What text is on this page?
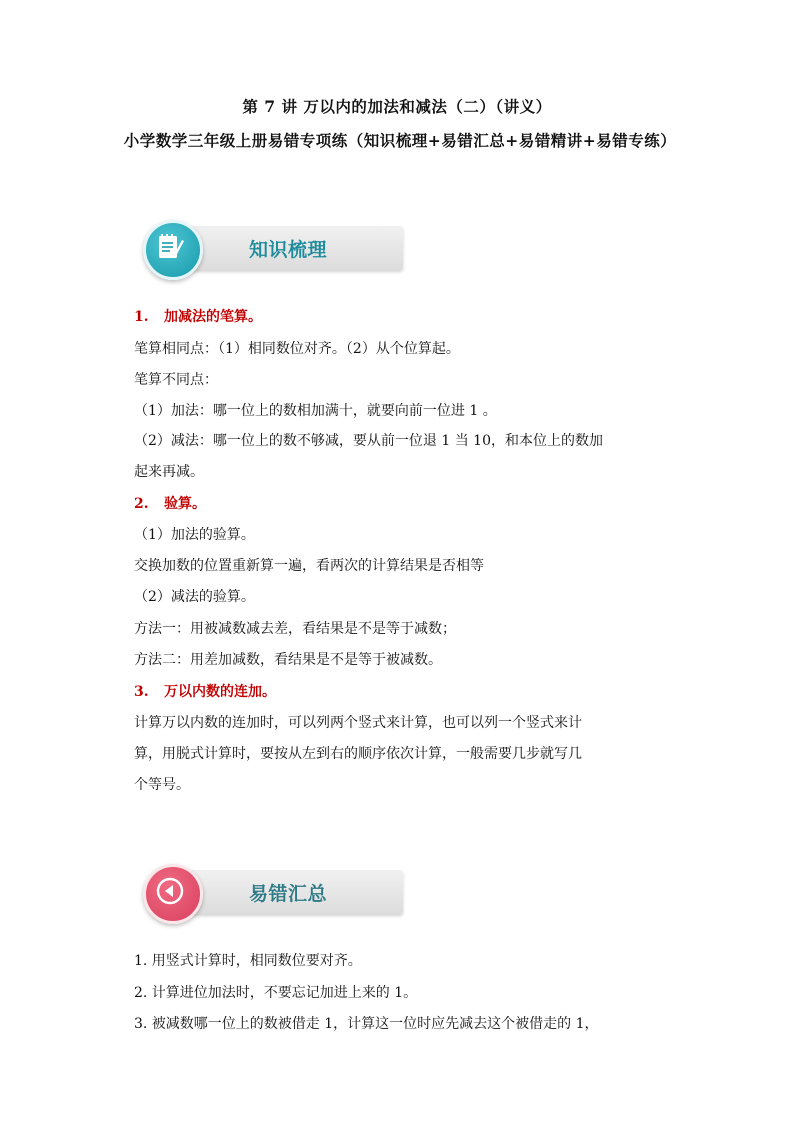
第 7 讲 万以内的加法和减法（二）（讲义）
小学数学三年级上册易错专项练（知识梳理+易错汇总+易错精讲+易错专练）
知识梳理
1. 加减法的笔算。
笔算相同点：（1）相同数位对齐。（2）从个位算起。
笔算不同点：
（1）加法：哪一位上的数相加满十，就要向前一位进 1 。
（2）减法：哪一位上的数不够减，要从前一位退 1 当 10，和本位上的数加
起来再减。
2. 验算。
（1）加法的验算。
交换加数的位置重新算一遍，看两次的计算结果是否相等
（2）减法的验算。
方法一：用被减数减去差，看结果是不是等于减数；
方法二：用差加减数，看结果是不是等于被减数。
3. 万以内数的连加。
计算万以内数的连加时，可以列两个竖式来计算，也可以列一个竖式来计
算，用脱式计算时，要按从左到右的顺序依次计算，一般需要几步就写几
个等号。
易错汇总
1. 用竖式计算时，相同数位要对齐。
2. 计算进位加法时，不要忘记加进上来的 1。
3. 被减数哪一位上的数被借走 1，计算这一位时应先减去这个被借走的 1，
